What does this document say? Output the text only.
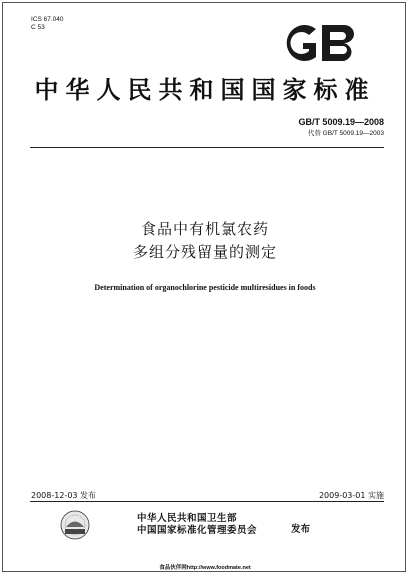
ICS 67.040
C 53
中华人民共和国国家标准
GB/T 5009.19—2008
代替 GB/T 5009.19—2003
食品中有机氯农药
多组分残留量的测定
Determination of organochlorine pesticide multiresidues in foods
2008-12-03 发布	2009-03-01 实施
中华人民共和国卫生部
中国国家标准化管理委员会	发布
食品伙伴网http://www.foodmate.net
